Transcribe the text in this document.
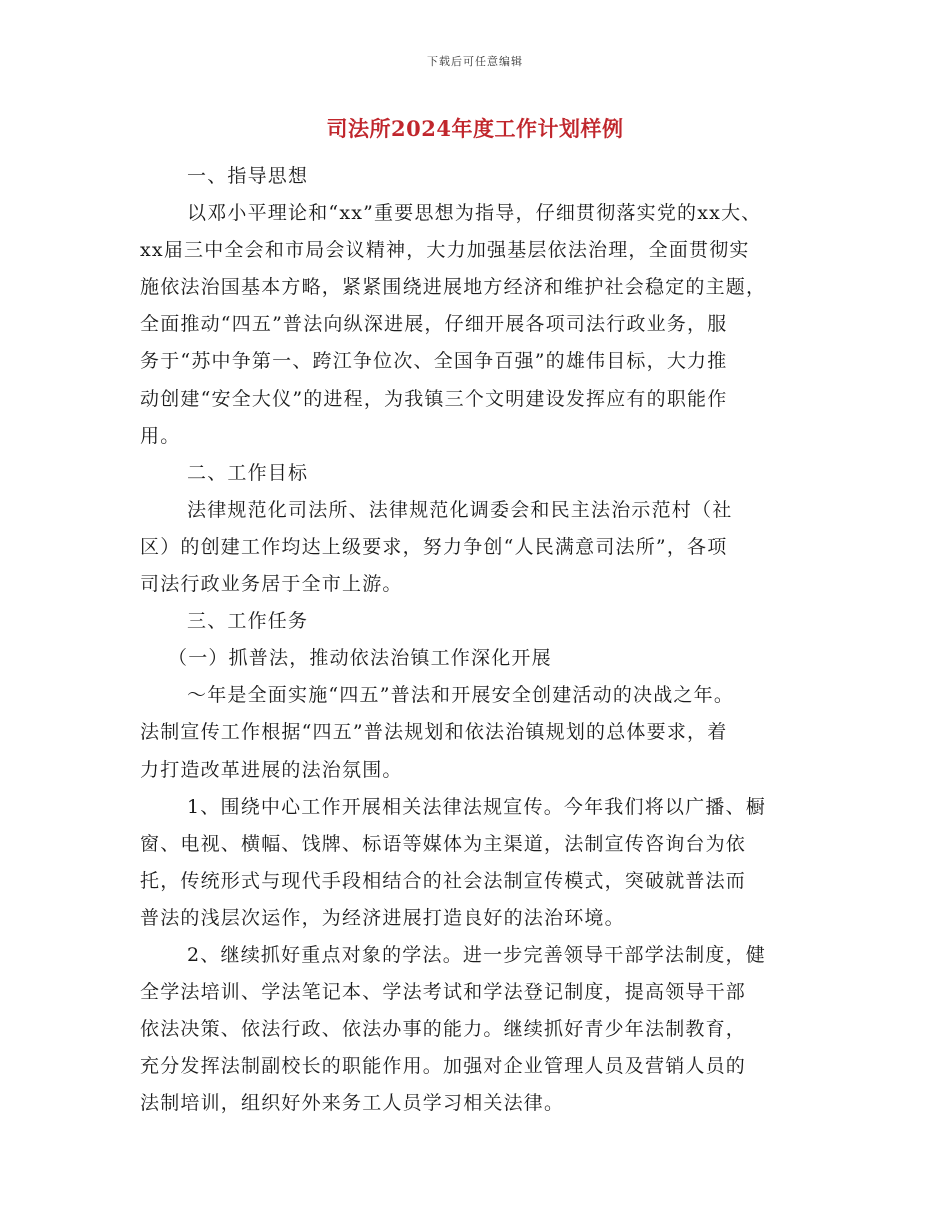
下载后可任意编辑
司法所2024年度工作计划样例
一、指导思想
以邓小平理论和“xx”重要思想为指导，仔细贯彻落实党的xx大、
xx届三中全会和市局会议精神，大力加强基层依法治理，全面贯彻实
施依法治国基本方略，紧紧围绕进展地方经济和维护社会稳定的主题，
全面推动“四五”普法向纵深进展，仔细开展各项司法行政业务，服
务于“苏中争第一、跨江争位次、全国争百强”的雄伟目标，大力推
动创建“安全大仪”的进程，为我镇三个文明建设发挥应有的职能作
用。
二、工作目标
法律规范化司法所、法律规范化调委会和民主法治示范村（社
区）的创建工作均达上级要求，努力争创“人民满意司法所”，各项
司法行政业务居于全市上游。
三、工作任务
（一）抓普法，推动依法治镇工作深化开展
～年是全面实施“四五”普法和开展安全创建活动的决战之年。
法制宣传工作根据“四五”普法规划和依法治镇规划的总体要求，着
力打造改革进展的法治氛围。
1、围绕中心工作开展相关法律法规宣传。今年我们将以广播、橱
窗、电视、横幅、饯牌、标语等媒体为主渠道，法制宣传咨询台为依
托，传统形式与现代手段相结合的社会法制宣传模式，突破就普法而
普法的浅层次运作，为经济进展打造良好的法治环境。
2、继续抓好重点对象的学法。进一步完善领导干部学法制度，健
全学法培训、学法笔记本、学法考试和学法登记制度，提高领导干部
依法决策、依法行政、依法办事的能力。继续抓好青少年法制教育，
充分发挥法制副校长的职能作用。加强对企业管理人员及营销人员的
法制培训，组织好外来务工人员学习相关法律。
